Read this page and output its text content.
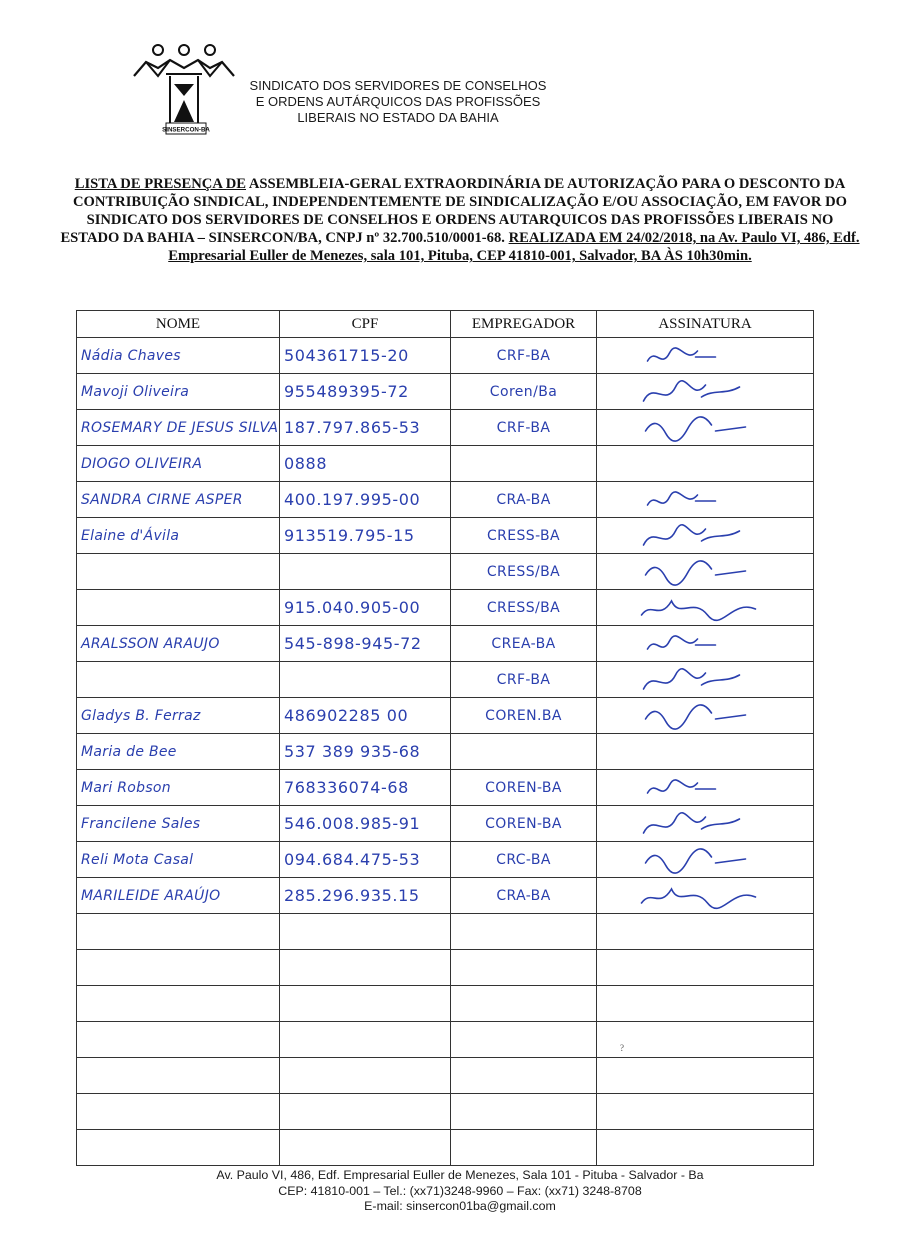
SINSERCON-BA
SINDICATO DOS SERVIDORES DE CONSELHOS
E ORDENS AUTÁRQUICOS DAS PROFISSÕES
LIBERAIS NO ESTADO DA BAHIA
LISTA DE PRESENÇA DE ASSEMBLEIA-GERAL EXTRAORDINÁRIA DE AUTORIZAÇÃO PARA O DESCONTO DA CONTRIBUIÇÃO SINDICAL, INDEPENDENTEMENTE DE SINDICALIZAÇÃO E/OU ASSOCIAÇÃO, EM FAVOR DO SINDICATO DOS SERVIDORES DE CONSELHOS E ORDENS AUTARQUICOS DAS PROFISSÕES LIBERAIS NO ESTADO DA BAHIA – SINSERCON/BA, CNPJ nº 32.700.510/0001-68. REALIZADA EM 24/02/2018, na Av. Paulo VI, 486, Edf. Empresarial Euller de Menezes, sala 101, Pituba, CEP 41810-001, Salvador, BA ÀS 10h30min.
NOME	CPF	EMPREGADOR	ASSINATURA
Nádia Chaves	504361715-20	CRF-BA	

Mavoji Oliveira	955489395-72	Coren/Ba	

ROSEMARY DE JESUS SILVA	187.797.865-53	CRF-BA	

DIOGO OLIVEIRA	0888		
SANDRA CIRNE ASPER	400.197.995-00	CRA-BA	

Elaine d'Ávila	913519.795-15	CRESS-BA	

		CRESS/BA	

	915.040.905-00	CRESS/BA	

ARALSSON ARAUJO	545-898-945-72	CREA-BA	

		CRF-BA	

Gladys B. Ferraz	486902285 00	COREN.BA	

Maria de Bee	537 389 935-68		
Mari Robson	768336074-68	COREN-BA	

Francilene Sales	546.008.985-91	COREN-BA	

Reli Mota Casal	094.684.475-53	CRC-BA	

MARILEIDE ARAÚJO	285.296.935.15	CRA-BA	

?
Av. Paulo VI, 486, Edf. Empresarial Euller de Menezes, Sala 101 - Pituba - Salvador - Ba
CEP: 41810-001 – Tel.: (xx71)3248-9960 – Fax: (xx71) 3248-8708
E-mail: sinsercon01ba@gmail.com
